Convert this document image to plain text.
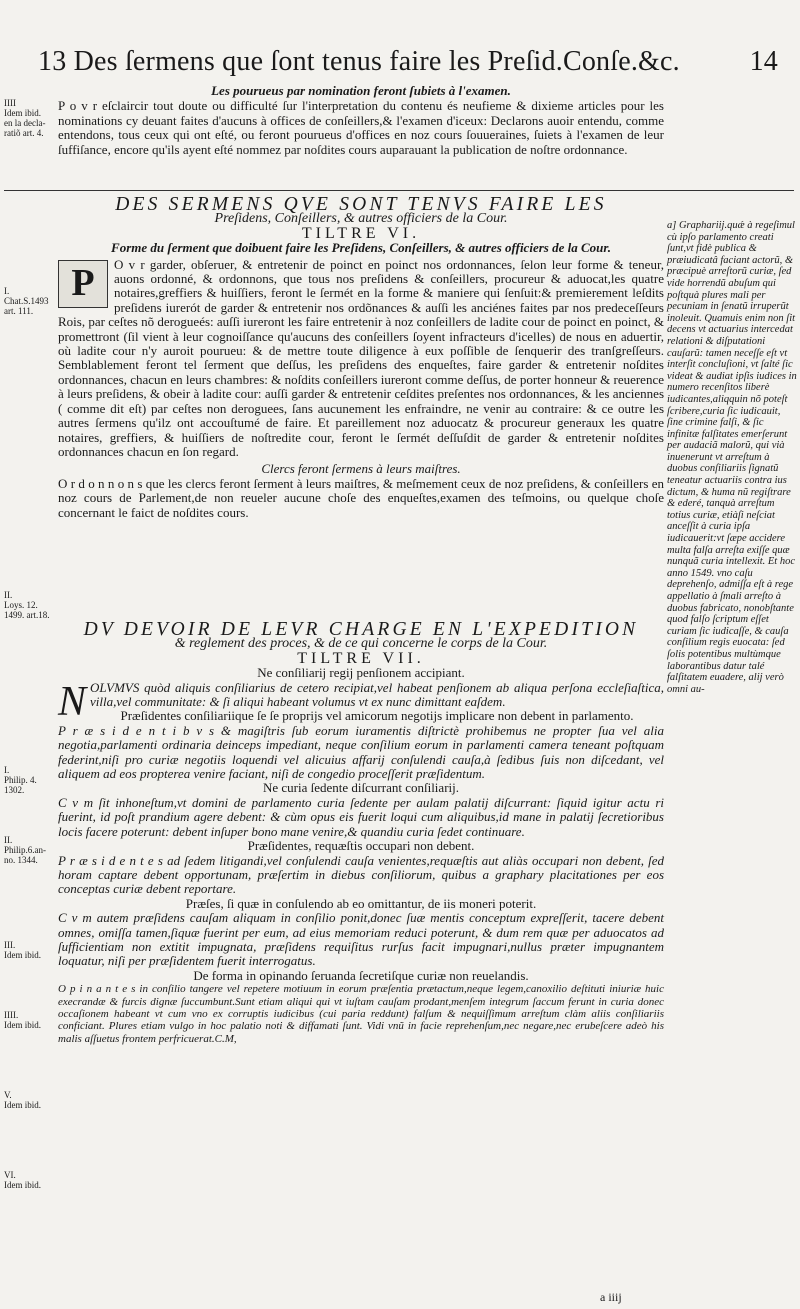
13 Des ſermens que ſont tenus faire les Preſid.Conſe.&c. 14
IIII
Idem ibid.
en la decla-
ratiõ art. 4.
Les pourueus par nomination feront ſubiets à l'examen.
P o v r eſclaircir tout doute ou difficulté ſur l'interpretation du contenu és neufieme & dixieme articles pour les nominations cy deuant faites d'aucuns à offices de conſeillers,& l'examen d'iceux: Declarons auoir entendu, comme entendons, tous ceux qui ont eſté, ou feront pourueus d'offices en noz cours ſouueraines, ſuiets à l'examen de leur ſuffiſance, encore qu'ils ayent eſté nommez par noſdites cours auparauant la publication de noſtre ordonnance.
DES SERMENS QVE SONT TENVS FAIRE LES
Preſidens, Conſeillers, & autres officiers de la Cour.
TILTRE VI.
Forme du ſerment que doibuent faire les Preſidens, Conſeillers, & autres officiers de la Cour.
P	O v r garder, obſeruer, & entretenir de poinct en poinct nos ordonnances, ſelon leur forme & teneur, auons ordonné, & ordonnons, que tous nos preſidens & conſeillers, procureur & aduocat,les quatre notaires,greffiers & huiſſiers, feront le ſermét en la forme & maniere qui ſenſuit:& premierement leſdits preſidens iurerót de garder & entretenir nos ordõnances & auſſi les anciénes faites par nos predeceſſeurs Rois, par ceſtes nõ derogueés: auſſi iureront les faire entretenir à noz conſeillers de ladite cour de poinct en poinct, & promettront (ſil vient à leur cognoiſſance qu'aucuns des conſeillers ſoyent infracteurs d'icelles) de nous en aduertir, où ladite cour n'y auroit pourueu: & de mettre toute diligence à eux poſſible de ſenquerir des tranſgreſſeurs. Semblablement feront tel ſerment que deſſus, les preſidens des enqueſtes, faire garder & entretenir noſdites ordonnances, chacun en leurs chambres: & noſdits conſeillers iureront comme deſſus, de porter honneur & reuerence à leurs preſidens, & obeir à ladite cour: auſſi garder & entretenir ceſdites preſentes nos ordonnances, & les anciennes ( comme dit eſt) par ceſtes non deroguees, ſans aucunement les enfraindre, ne venir au contraire: & ce outre les autres ſermens qu'ilz ont accouſtumé de faire. Et pareillement noz aduocatz & procureur generaux les quatre notaires, greffiers, & huiſſiers de noſtredite cour, feront le ſermét deſſuſdit de garder & entretenir noſdites ordonnances chacun en ſon regard.
Clercs feront ſermens à leurs maiſtres.
O r d o n n o n s que les clercs feront ſerment à leurs maiſtres, & meſmement ceux de noz preſidens, & conſeillers en noz cours de Parlement,de non reueler aucune choſe des enqueſtes,examen des teſmoins, ou quelque choſe concernant le faict de noſdites cours.
I.
Chat.S.1493
art. 111.
II.
Loys. 12.
1499. art.18.
DV DEVOIR DE LEVR CHARGE EN L'EXPEDITION
& reglement des proces, & de ce qui concerne le corps de la Cour.
TILTRE VII.
Ne conſiliarij regij penſionem accipiant.
N OLVMVS quòd aliquis conſiliarius de cetero recipiat,vel habeat penſionem ab aliqua perſona eccleſiaſtica, villa,vel communitate: & ſi aliqui habeant volumus vt ex nunc dimittant eaſdem.
Præſidentes conſiliariique ſe ſe proprijs vel amicorum negotijs implicare non debent in parlamento.
P r æ s i d e n t i b v s & magiſtris ſub eorum iuramentis diſtrictè prohibemus ne propter ſua vel alia negotia,parlamenti ordinaria deinceps impediant, neque conſilium eorum in parlamenti camera teneant poſtquam federint,niſi pro curiæ negotiis loquendi vel alicuius affarij conſulendi cauſa,à ſedibus ſuis non diſcedant, vel aliquem ad eos propterea venire faciant, niſi de congedio proceſſerit præſidentum.
Ne curia ſedente diſcurrant conſiliarij.
C v m ſit inhoneſtum,vt domini de parlamento curia ſedente per aulam palatij diſcurrant: ſiquid igitur actu ri fuerint, id poſt prandium agere debent: & cùm opus eis fuerit loqui cum aliquibus,id mane in palatij ſecretioribus locis facere poterunt: debent inſuper bono mane venire,& quandiu curia ſedet continuare.
Præſidentes, requæſtis occupari non debent.
P r æ s i d e n t e s ad ſedem litigandi,vel conſulendi cauſa venientes,requæſtis aut aliàs occupari non debent, ſed horam captare debent opportunam, præſertim in diebus conſiliorum, quibus a graphary placitationes per eos conceptas curiæ debent reportare.
Præſes, ſi quæ in conſulendo ab eo omittantur, de iis moneri poterit.
C v m autem præſidens cauſam aliquam in conſilio ponit,donec ſuæ mentis conceptum expreſſerit, tacere debent omnes, omiſſa tamen,ſiquæ fuerint per eum, ad eius memoriam reduci poterunt, & dum rem quæ per aduocatos ad ſufficientiam non extitit impugnata, præſidens requiſitus rurſus facit impugnari,nullus præter impugnantem loquatur, niſi per præſidentem fuerit interrogatus.
De forma in opinando ſeruanda ſecretiſque curiæ non reuelandis.
O p i n a n t e s in conſilio tangere vel repetere motiuum in eorum præſentia prætactum,neque legem,canoxilio deſtituti iniuriæ huic execrandæ & furcis dignæ ſuccumbunt.Sunt etiam aliqui qui vt iuſtam cauſam prodant,menſem integrum ſaccum ferunt in curia donec occaſionem habeant vt cum vno ex corruptis iudicibus (cui paria reddunt) falſum & nequiſſimum arreſtum clàm aliis conſiliariis conficiant. Plures etiam vulgo in hoc palatio noti & diffamati ſunt. Vidi vnũ in facie reprehenſum,nec negare,nec erubeſcere adeò his malis aſſuetus frontem perfricuerat.C.M,
I.
Philip. 4.
1302.
II.
Philip.6.an-
no. 1344.
III.
Idem ibid.
IIII.
Idem ibid.
V.
Idem ibid.
VI.
Idem ibid.
a] Graphariij.quǽ à regeſimul cù ipſo parlamento creati ſunt,vt fidè publica & præiudicatâ faciant actorũ, & præcipuè arreſtorũ curiæ, ſed vide horrendũ abuſum qui poſtquà plures mali per pecuniam in ſenatũ irruperũt inoleuit. Quamuis enim non ſit decens vt actuarius intercedat relationi & diſputationi cauſarũ: tamen neceſſe eſt vt interſit concluſioni, vt ſalté ſic videat & audiat ipſis iudices in numero recenſitos liberè iudicantes,aliqquin nõ poteſt ſcribere,curia ſic iudicauit, ſine crimine falſi, & ſic infinitæ falſitates emerſerunt per audaciã malorũ, qui vià inuenerunt vt arreſtum à duobus conſiliariis ſignatũ teneatur actuariis contra ius dictum, & huma nũ regiſtrare & ederé, tanquà arreſtum totius curiæ, etiàſi neſciat anceſſit à curia ipſa iudicauerit:vt ſæpe accidere multa falſa arreſta exiſſe quæ nunquã curia intellexit. Et hoc anno 1549. vno caſu deprehenſo, admiſſa eſt à rege appellatio à ſmali arreſto à duobus fabricato, nonobſtante quod falſo ſcriptum eſſet curiam ſic iudicaſſe, & cauſa conſilium regis euocata: ſed ſolis potentibus multùmque laborantibus datur talé falſitatem euadere, alij verò omni au-
a iiij
